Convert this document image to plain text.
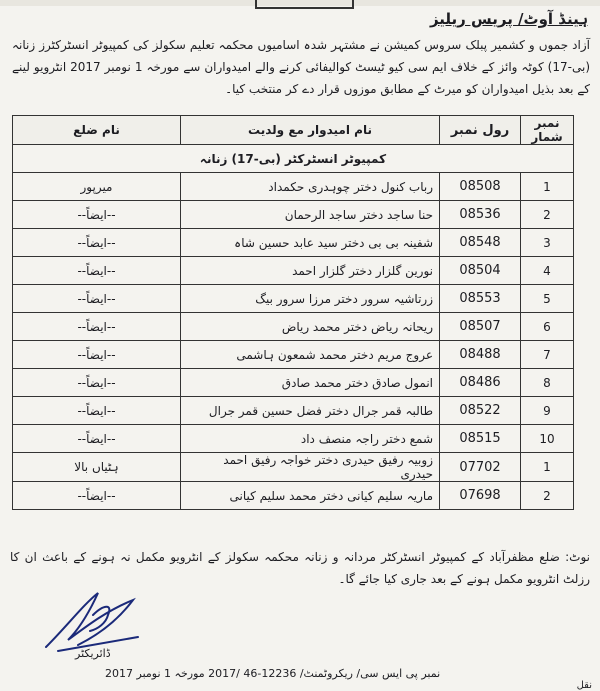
ہینڈ آوٹ/ پریس ریلیز
آزاد جموں و کشمیر پبلک سروس کمیشن نے مشتہر شدہ اسامیوں محکمہ تعلیم سکولز کی کمپیوٹر انسٹرکٹرز زنانہ (بی-17) کوٹہ وائز کے خلاف ایم سی کیو ٹیسٹ کوالیفائی کرنے والے امیدواران سے مورخہ 1 نومبر 2017 انٹرویو لینے کے بعد بذیل امیدواران کو میرٹ کے مطابق موزوں قرار دے کر منتخب کیا۔
نمبر شمار	رول نمبر	نام امیدوار مع ولدیت	نام ضلع
کمپیوٹر انسٹرکٹر (بی-17) زنانہ			
1	08508	رباب کنول دختر چوہدری حکمداد	میرپور
2	08536	حنا ساجد دختر ساجد الرحمان	--ایضاً--
3	08548	شفینہ بی بی دختر سید عابد حسین شاہ	--ایضاً--
4	08504	نورین گلزار دختر گلزار احمد	--ایضاً--
5	08553	زرتاشیہ سرور دختر مرزا سرور بیگ	--ایضاً--
6	08507	ریحانہ ریاض دختر محمد ریاض	--ایضاً--
7	08488	عروج مریم دختر محمد شمعون ہاشمی	--ایضاً--
8	08486	انمول صادق دختر محمد صادق	--ایضاً--
9	08522	طالبہ قمر جرال دختر فضل حسین قمر جرال	--ایضاً--
10	08515	شمع دختر راجہ منصف داد	--ایضاً--
1	07702	زوبیہ رفیق حیدری دختر خواجہ رفیق احمد حیدری	ہٹیاں بالا
2	07698	ماریہ سلیم کیانی دختر محمد سلیم کیانی	--ایضاً--
نوٹ: ضلع مظفرآباد کے کمپیوٹر انسٹرکٹر مردانہ و زنانہ محکمہ سکولز کے انٹرویو مکمل نہ ہونے کے باعث ان کا رزلٹ انٹرویو مکمل ہونے کے بعد جاری کیا جائے گا۔
ڈائریکٹر
نمبر پی ایس سی/ ریکروٹمنٹ/ 12236-46 /2017 مورخہ 1 نومبر 2017
نقل
